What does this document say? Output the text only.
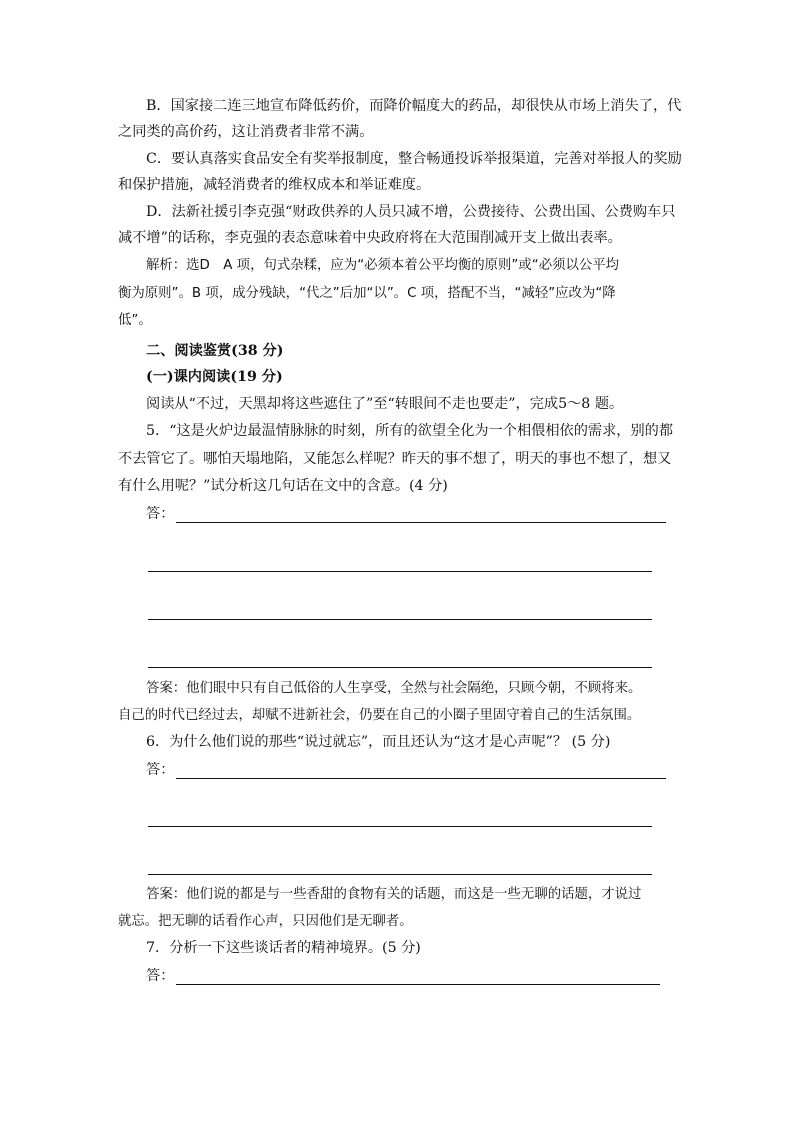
B．国家接二连三地宣布降低药价，而降价幅度大的药品，却很快从市场上消失了，代
之同类的高价药，这让消费者非常不满。
C．要认真落实食品安全有奖举报制度，整合畅通投诉举报渠道，完善对举报人的奖励
和保护措施，减轻消费者的维权成本和举证难度。
D．法新社援引李克强“财政供养的人员只减不增，公费接待、公费出国、公费购车只
减不增”的话称，李克强的表态意味着中央政府将在大范围削减开支上做出表率。
解析：选D　A 项，句式杂糅，应为“必须本着公平均衡的原则”或“必须以公平均
衡为原则”。B 项，成分残缺，“代之”后加“以”。C 项，搭配不当，“减轻”应改为“降
低”。
二、阅读鉴赏(38 分)
(一)课内阅读(19 分)
阅读从“不过，天黑却将这些遮住了”至“转眼间不走也要走”，完成5～8 题。
5．“这是火炉边最温情脉脉的时刻，所有的欲望全化为一个相偎相依的需求，别的都
不去管它了。哪怕天塌地陷，又能怎么样呢？昨天的事不想了，明天的事也不想了，想又
有什么用呢？”试分析这几句话在文中的含意。(4 分)
答：
答案：他们眼中只有自己低俗的人生享受，全然与社会隔绝，只顾今朝，不顾将来。
自己的时代已经过去，却赋不进新社会，仍要在自己的小圈子里固守着自己的生活氛围。
6．为什么他们说的那些“说过就忘”，而且还认为“这才是心声呢”？ (5 分)
答：
答案：他们说的都是与一些香甜的食物有关的话题，而这是一些无聊的话题，才说过
就忘。把无聊的话看作心声，只因他们是无聊者。
7．分析一下这些谈话者的精神境界。(5 分)
答：
